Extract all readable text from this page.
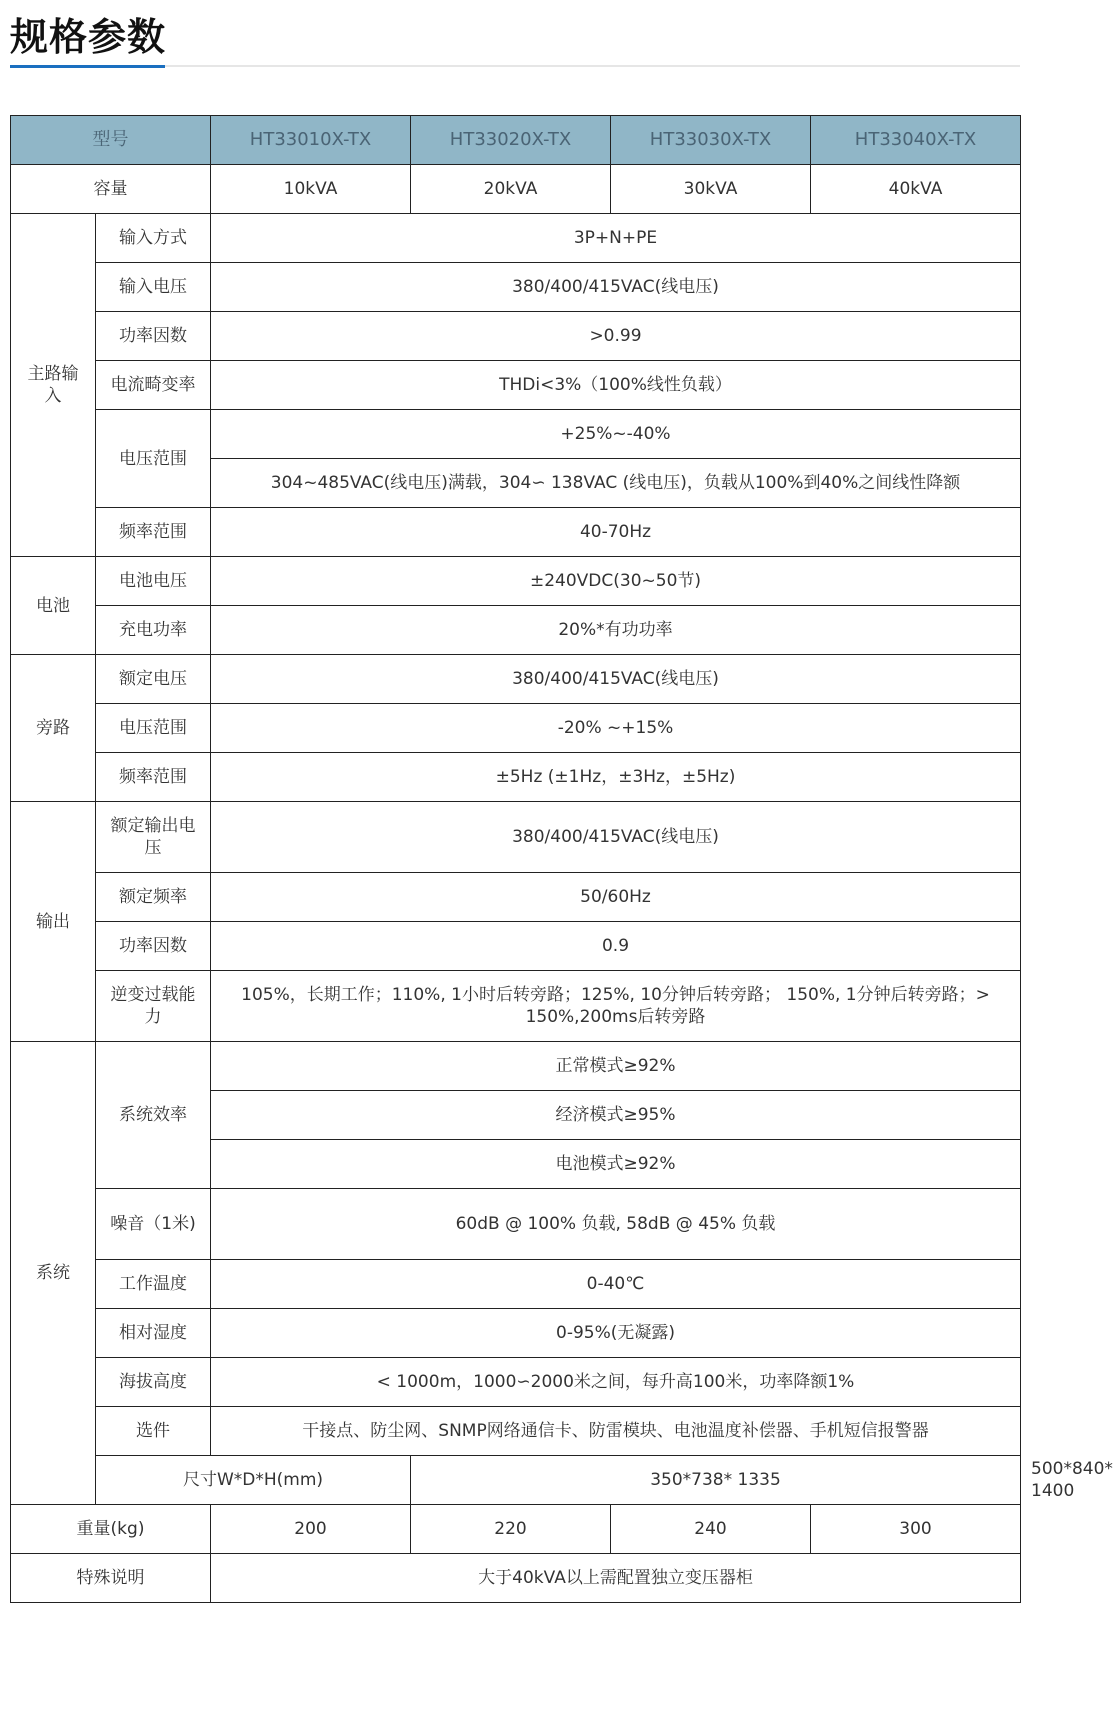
规格参数
型号		HT33010X-TX	HT33020X-TX	HT33030X-TX	HT33040X-TX	
容量		10kVA	20kVA	30kVA	40kVA	
主路输入	输入方式	3P+N+PE				
	输入电压	380/400/415VAC(线电压)				
	功率因数	>0.99				
	电流畸变率	THDi<3%（100%线性负载）				
	电压范围	+25%~-40%				
		304~485VAC(线电压)满载，304∽ 138VAC (线电压)，负载从100%到40%之间线性降额				
	频率范围	40-70Hz				
电池	电池电压	±240VDC(30~50节)				
	充电功率	20%*有功功率				
旁路	额定电压	380/400/415VAC(线电压)				
	电压范围	-20% ~+15%				
	频率范围	±5Hz (±1Hz，±3Hz，±5Hz)				
输出	额定输出电压	380/400/415VAC(线电压)				
	额定频率	50/60Hz				
	功率因数	0.9				
	逆变过载能力	105%，长期工作；110%, 1小时后转旁路；125%, 10分钟后转旁路； 150%, 1分钟后转旁路；> 150%,200ms后转旁路				
系统	系统效率	正常模式≥92%				
		经济模式≥95%				
		电池模式≥92%				
	噪音（1米)	60dB @ 100% 负载, 58dB @ 45% 负载				
	工作温度	0-40℃				
	相对湿度	0-95%(无凝露)				
	海拔高度	< 1000m，1000∽2000米之间，每升高100米，功率降额1%				
	选件	干接点、防尘网、SNMP网络通信卡、防雷模块、电池温度补偿器、手机短信报警器				
	尺寸W*D*H(mm)		350*738* 1335			500*840* 1400
重量(kg)		200	220	240	300	
特殊说明		大于40kVA以上需配置独立变压器柜				
